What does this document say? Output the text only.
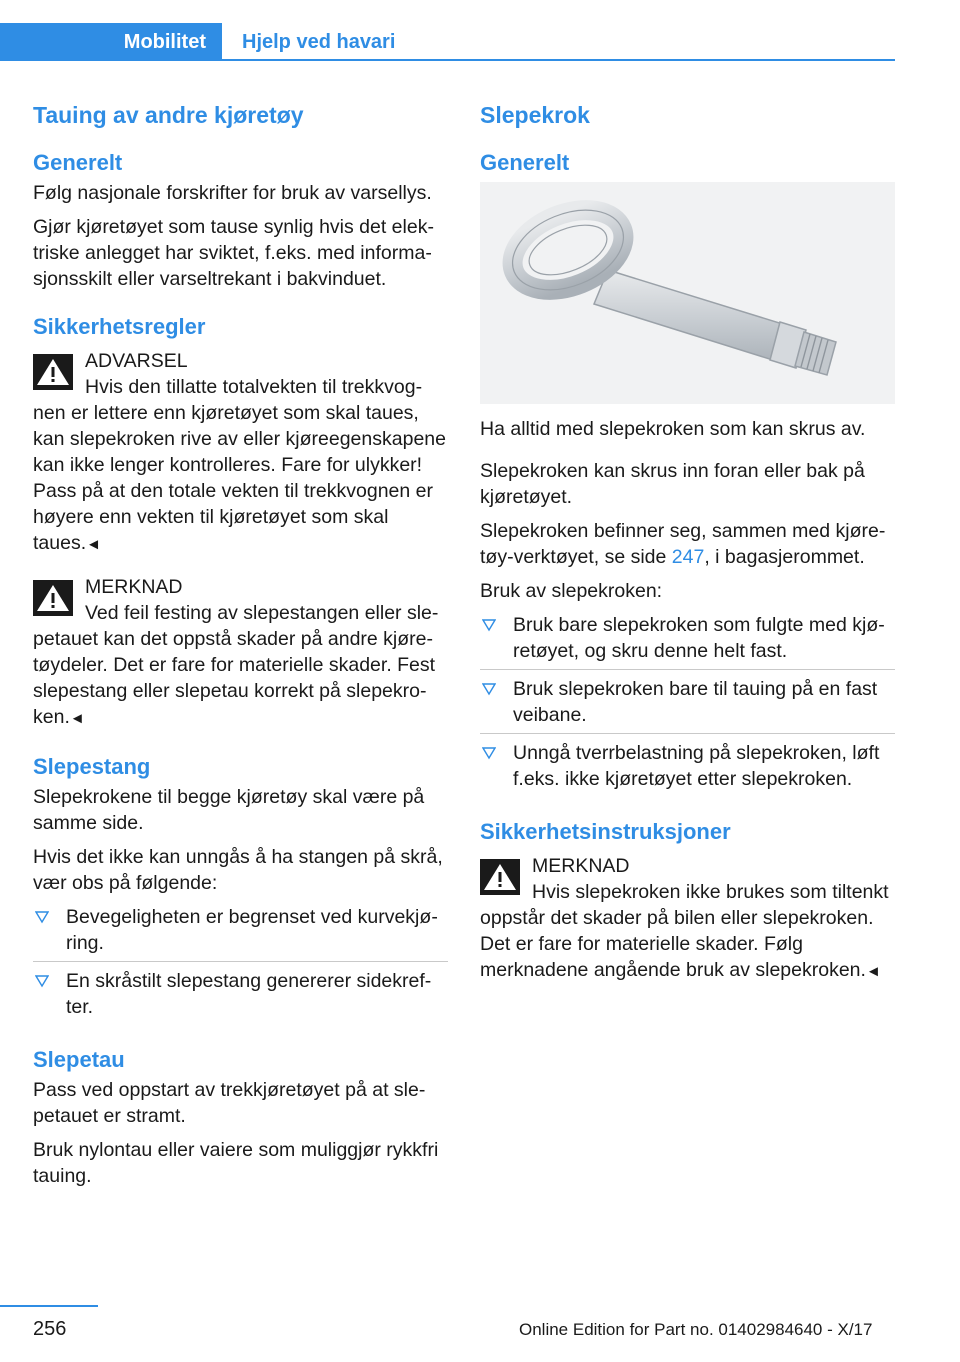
Mobilitet	Hjelp ved havari
Tauing av andre kjøretøy
Generelt

Følg nasjonale forskrifter for bruk av varsellys.

Gjør kjøretøyet som tause synlig hvis det elektriske anlegget har sviktet, f.eks. med informasjonsskilt eller varseltrekant i bakvinduet.

Sikkerhetsregler
ADVARSEL
Hvis den tillatte totalvekten til trekkvognen er lettere enn kjøretøyet som skal taues, kan slepekroken rive av eller kjøreegenskapene kan ikke lenger kontrolleres. Fare for ulykker! Pass på at den totale vekten til trekkvognen er høyere enn vekten til kjøretøyet som skal taues.◄
MERKNAD
Ved feil festing av slepestangen eller slepetauet kan det oppstå skader på andre kjøretøydeler. Det er fare for materielle skader. Fest slepestang eller slepetau korrekt på slepekroken.◄
Slepestang

Slepekrokene til begge kjøretøy skal være på samme side.

Hvis det ikke kan unngås å ha stangen på skrå, vær obs på følgende:

Bevegeligheten er begrenset ved kurvekjøring.
En skråstilt slepestang genererer sidekrefter.
Slepetau

Pass ved oppstart av trekkjøretøyet på at slepetauet er stramt.

Bruk nylontau eller vaiere som muliggjør rykkfri tauing.

Slepekrok
Generelt

Ha alltid med slepekroken som kan skrus av.

Slepekroken kan skrus inn foran eller bak på kjøretøyet.

Slepekroken befinner seg, sammen med kjøretøy-verktøyet, se side 247, i bagasjerommet.

Bruk av slepekroken:

Bruk bare slepekroken som fulgte med kjøretøyet, og skru denne helt fast.
Bruk slepekroken bare til tauing på en fast veibane.
Unngå tverrbelastning på slepekroken, løft f.eks. ikke kjøretøyet etter slepekroken.
Sikkerhetsinstruksjoner
MERKNAD
Hvis slepekroken ikke brukes som tiltenkt oppstår det skader på bilen eller slepekroken. Det er fare for materielle skader. Følg merknadene angående bruk av slepekroken.◄
256	Online Edition for Part no. 01402984640 - X/17
